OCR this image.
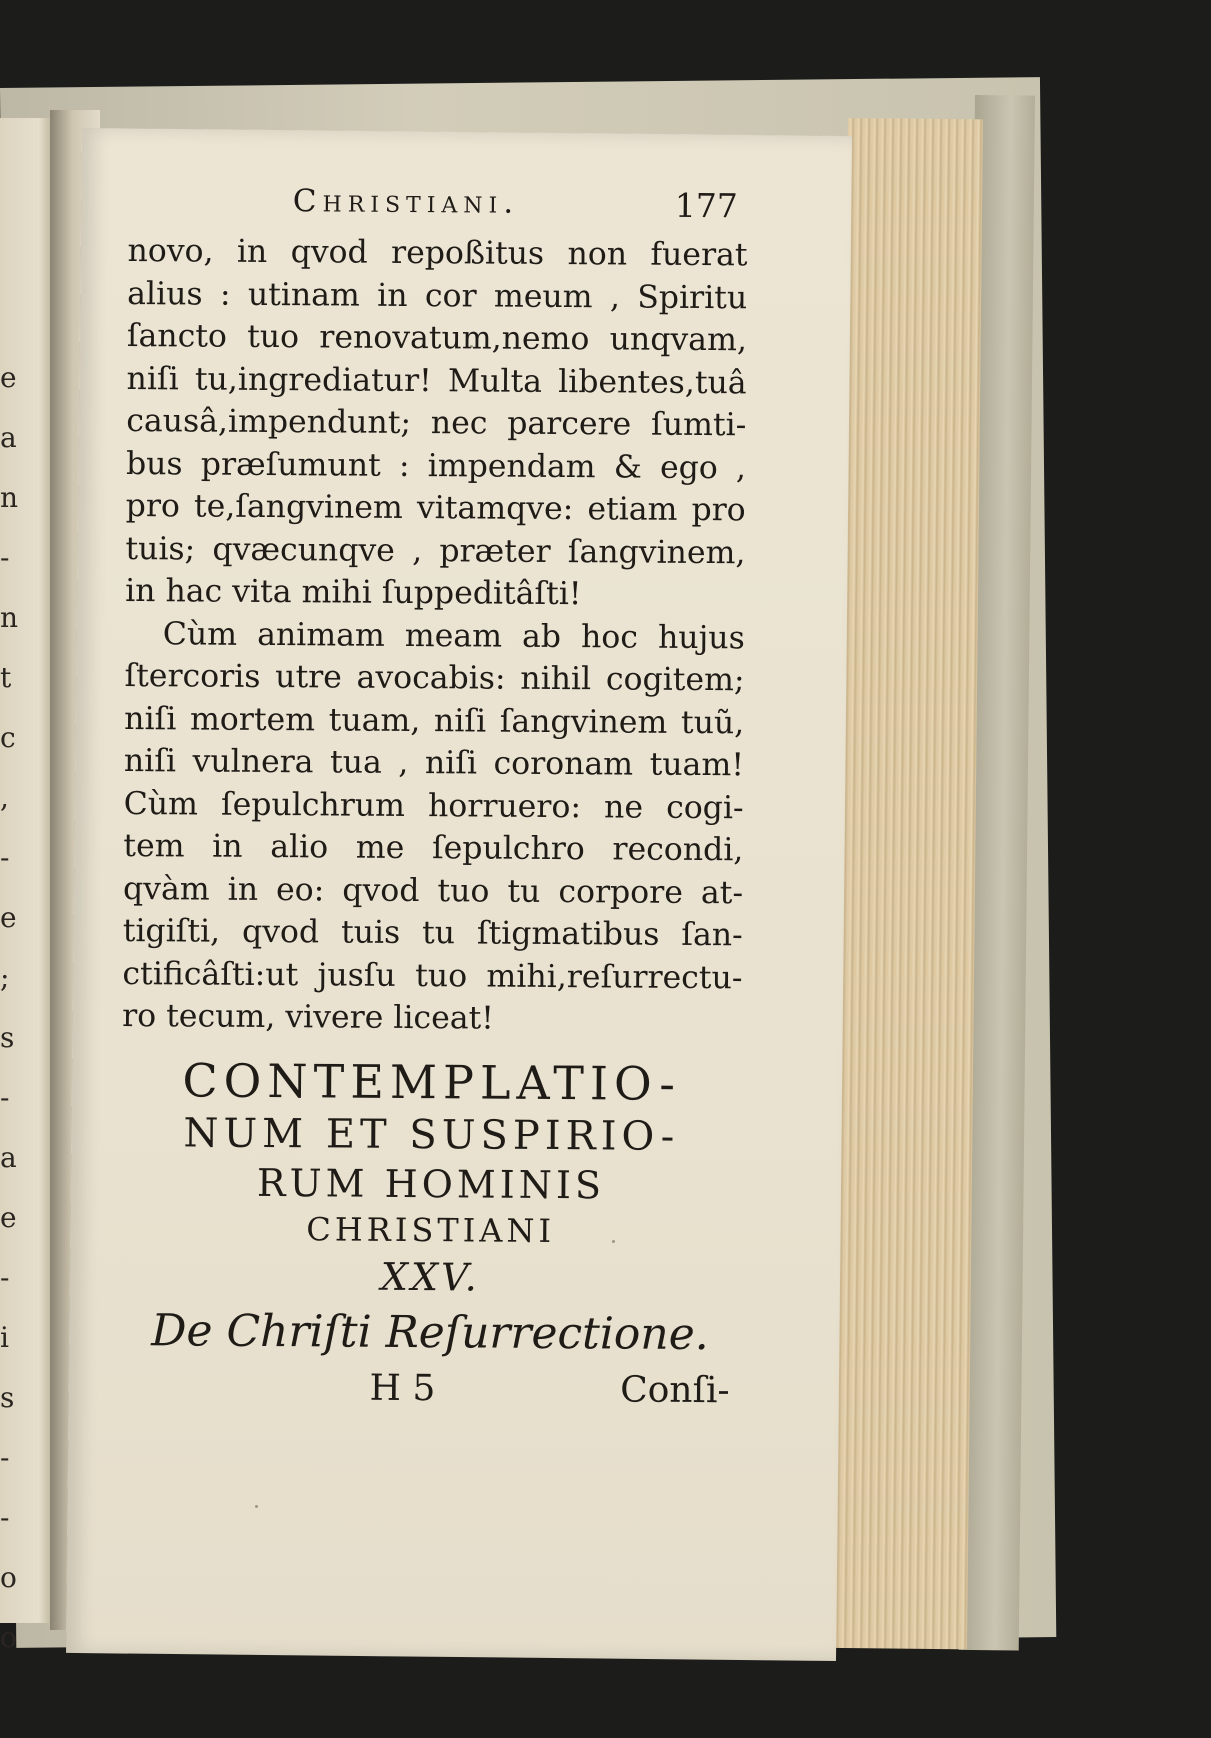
e
a
n
-
n
t
c
,
-
e
;
s
-
a
e
-
i
s
-
-
o
o
Christiani.	177
novo, in qvod repoßitus non fuerat
alius : utinam in cor meum , Spiritu
ſancto tuo renovatum,nemo unqvam,
niſi tu,ingrediatur! Multa libentes,tuâ
causâ,impendunt; nec parcere ſumti-
bus præſumunt : impendam & ego ,
pro te,ſangvinem vitamqve: etiam pro
tuis; qvæcunqve , præter ſangvinem,
in hac vita mihi ſuppeditâſti!
Cùm animam meam ab hoc hujus
ſtercoris utre avocabis: nihil cogitem;
niſi mortem tuam, niſi ſangvinem tuũ,
niſi vulnera tua , niſi coronam tuam!
Cùm ſepulchrum horruero: ne cogi-
tem in alio me ſepulchro recondi,
qvàm in eo: qvod tuo tu corpore at-
tigiſti, qvod tuis tu ſtigmatibus ſan-
ctificâſti:ut jusſu tuo mihi,reſurrectu-
ro tecum, vivere liceat!
CONTEMPLATIO-
NUM ET SUSPIRIO-
RUM HOMINIS
CHRISTIANI
XXV.
De Chriſti Reſurrectione.
H 5	Conſi-
